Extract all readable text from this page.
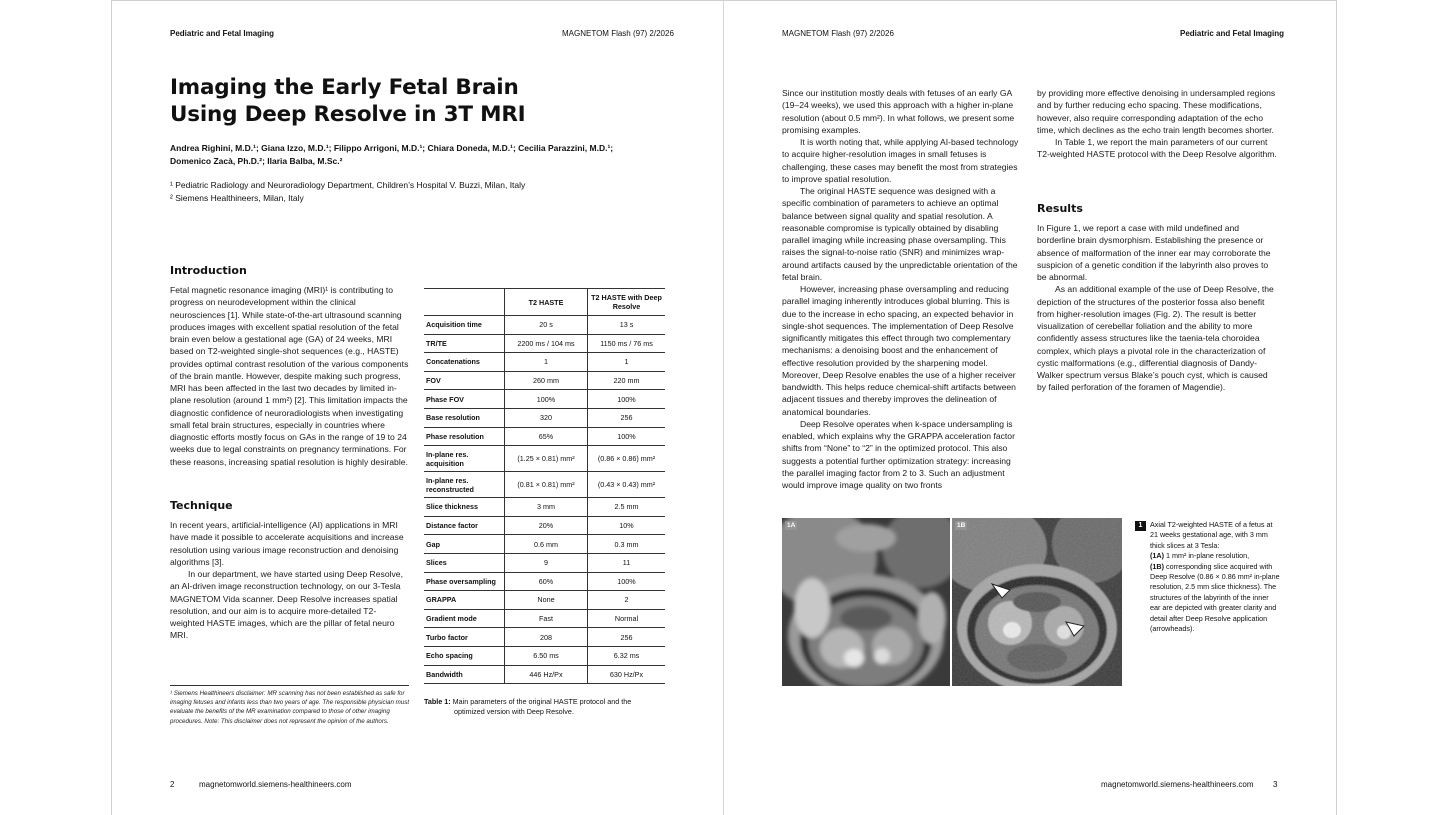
Pediatric and Fetal Imaging	MAGNETOM Flash (97) 2/2026
Imaging the Early Fetal Brain
Using Deep Resolve in 3T MRI
Andrea Righini, M.D.¹; Giana Izzo, M.D.¹; Filippo Arrigoni, M.D.¹; Chiara Doneda, M.D.¹; Cecilia Parazzini, M.D.¹;
Domenico Zacà, Ph.D.²; Ilaria Balba, M.Sc.²
¹ Pediatric Radiology and Neuroradiology Department, Children’s Hospital V. Buzzi, Milan, Italy
² Siemens Healthineers, Milan, Italy
Introduction

Fetal magnetic resonance imaging (MRI)¹ is contributing to progress on neurodevelopment within the clinical neurosciences [1]. While state-of-the-art ultrasound scanning produces images with excellent spatial resolution of the fetal brain even below a gestational age (GA) of 24 weeks, MRI based on T2-weighted single-shot sequences (e.g., HASTE) provides optimal contrast resolution of the various components of the brain mantle. However, despite making such progress, MRI has been affected in the last two decades by limited in-plane resolution (around 1 mm²) [2]. This limitation impacts the diagnostic confidence of neuroradiologists when investigating small fetal brain structures, especially in countries where diagnostic efforts mostly focus on GAs in the range of 19 to 24 weeks due to legal constraints on pregnancy terminations. For these reasons, increasing spatial resolution is highly desirable.

Technique

In recent years, artificial-intelligence (AI) applications in MRI have made it possible to accelerate acquisitions and increase resolution using various image reconstruction and denoising algorithms [3].

In our department, we have started using Deep Resolve, an AI-driven image reconstruction technology, on our 3-Tesla MAGNETOM Vida scanner. Deep Resolve increases spatial resolution, and our aim is to acquire more-detailed T2-weighted HASTE images, which are the pillar of fetal neuro MRI.

¹ Siemens Healthineers disclaimer: MR scanning has not been established as safe for imaging fetuses and infants less than two years of age. The responsible physician must evaluate the benefits of the MR examination compared to those of other imaging procedures. Note: This disclaimer does not represent the opinion of the authors.
2	magnetomworld.siemens-healthineers.com
	T2 HASTE	T2 HASTE with Deep Resolve
Acquisition time	20 s	13 s
TR/TE	2200 ms / 104 ms	1150 ms / 76 ms
Concatenations	1	1
FOV	260 mm	220 mm
Phase FOV	100%	100%
Base resolution	320	256
Phase resolution	65%	100%
In-plane res. acquisition	(1.25 × 0.81) mm²	(0.86 × 0.86) mm²
In-plane res. reconstructed	(0.81 × 0.81) mm²	(0.43 × 0.43) mm²
Slice thickness	3 mm	2.5 mm
Distance factor	20%	10%
Gap	0.6 mm	0.3 mm
Slices	9	11
Phase oversampling	60%	100%
GRAPPA	None	2
Gradient mode	Fast	Normal
Turbo factor	208	256
Echo spacing	6.50 ms	6.32 ms
Bandwidth	446 Hz/Px	630 Hz/Px
Table 1: Main parameters of the original HASTE protocol and the
optimized version with Deep Resolve.
MAGNETOM Flash (97) 2/2026	Pediatric and Fetal Imaging

Since our institution mostly deals with fetuses of an early GA (19–24 weeks), we used this approach with a higher in-plane resolution (about 0.5 mm²). In what follows, we present some promising examples.

It is worth noting that, while applying AI-based technology to acquire higher-resolution images in small fetuses is challenging, these cases may benefit the most from strategies to improve spatial resolution.

The original HASTE sequence was designed with a specific combination of parameters to achieve an optimal balance between signal quality and spatial resolution. A reasonable compromise is typically obtained by disabling parallel imaging while increasing phase oversampling. This raises the signal-to-noise ratio (SNR) and minimizes wrap-around artifacts caused by the unpredictable orientation of the fetal brain.

However, increasing phase oversampling and reducing parallel imaging inherently introduces global blurring. This is due to the increase in echo spacing, an expected behavior in single-shot sequences. The implementation of Deep Resolve significantly mitigates this effect through two complementary mechanisms: a denoising boost and the enhancement of effective resolution provided by the sharpening model. Moreover, Deep Resolve enables the use of a higher receiver bandwidth. This helps reduce chemical-shift artifacts between adjacent tissues and thereby improves the delineation of anatomical boundaries.

Deep Resolve operates when k-space undersampling is enabled, which explains why the GRAPPA acceleration factor shifts from “None” to “2” in the optimized protocol. This also suggests a potential further optimization strategy: increasing the parallel imaging factor from 2 to 3. Such an adjustment would improve image quality on two fronts

by providing more effective denoising in undersampled regions and by further reducing echo spacing. These modifications, however, also require corresponding adaptation of the echo time, which declines as the echo train length becomes shorter.

In Table 1, we report the main parameters of our current T2-weighted HASTE protocol with the Deep Resolve algorithm.

Results

In Figure 1, we report a case with mild undefined and borderline brain dysmorphism. Establishing the presence or absence of malformation of the inner ear may corroborate the suspicion of a genetic condition if the labyrinth also proves to be abnormal.

As an additional example of the use of Deep Resolve, the depiction of the structures of the posterior fossa also benefit from higher-resolution images (Fig. 2). The result is better visualization of cerebellar foliation and the ability to more confidently assess structures like the taenia-tela choroidea complex, which plays a pivotal role in the characterization of cystic malformations (e.g., differential diagnosis of Dandy-Walker spectrum versus Blake’s pouch cyst, which is caused by failed perforation of the foramen of Magendie).

1A	1B	1	Axial T2-weighted HASTE of a fetus at 21 weeks gestational age, with 3 mm thick slices at 3 Tesla:
(1A) 1 mm² in-plane resolution,
(1B) corresponding slice acquired with Deep Resolve (0.86 × 0.86 mm² in-plane resolution, 2.5 mm slice thickness). The structures of the labyrinth of the inner ear are depicted with greater clarity and detail after Deep Resolve application (arrowheads).
magnetomworld.siemens-healthineers.com 3
